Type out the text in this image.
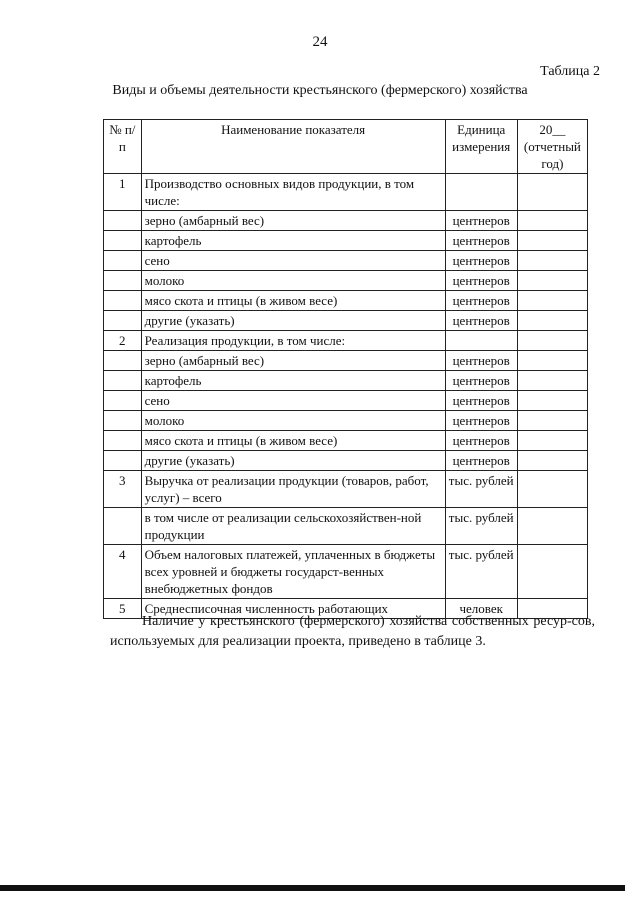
24
Таблица 2
Виды и объемы деятельности крестьянского (фермерского) хозяйства
№ п/п	Наименование показателя	Единица измерения	20__ (отчетный год)
1	Производство основных видов продукции, в том числе:		
	зерно (амбарный вес)	центнеров	
	картофель	центнеров	
	сено	центнеров	
	молоко	центнеров	
	мясо скота и птицы (в живом весе)	центнеров	
	другие (указать)	центнеров	
2	Реализация продукции, в том числе:		
	зерно (амбарный вес)	центнеров	
	картофель	центнеров	
	сено	центнеров	
	молоко	центнеров	
	мясо скота и птицы (в живом весе)	центнеров	
	другие (указать)	центнеров	
3	Выручка от реализации продукции (товаров, работ, услуг) – всего	тыс. рублей	
	в том числе от реализации сельскохозяйствен-ной продукции	тыс. рублей	
4	Объем налоговых платежей, уплаченных в бюджеты всех уровней и бюджеты государст-венных внебюджетных фондов	тыс. рублей	
5	Среднесписочная численность работающих	человек	
Наличие у крестьянского (фермерского) хозяйства собственных ресур-сов, используемых для реализации проекта, приведено в таблице 3.
